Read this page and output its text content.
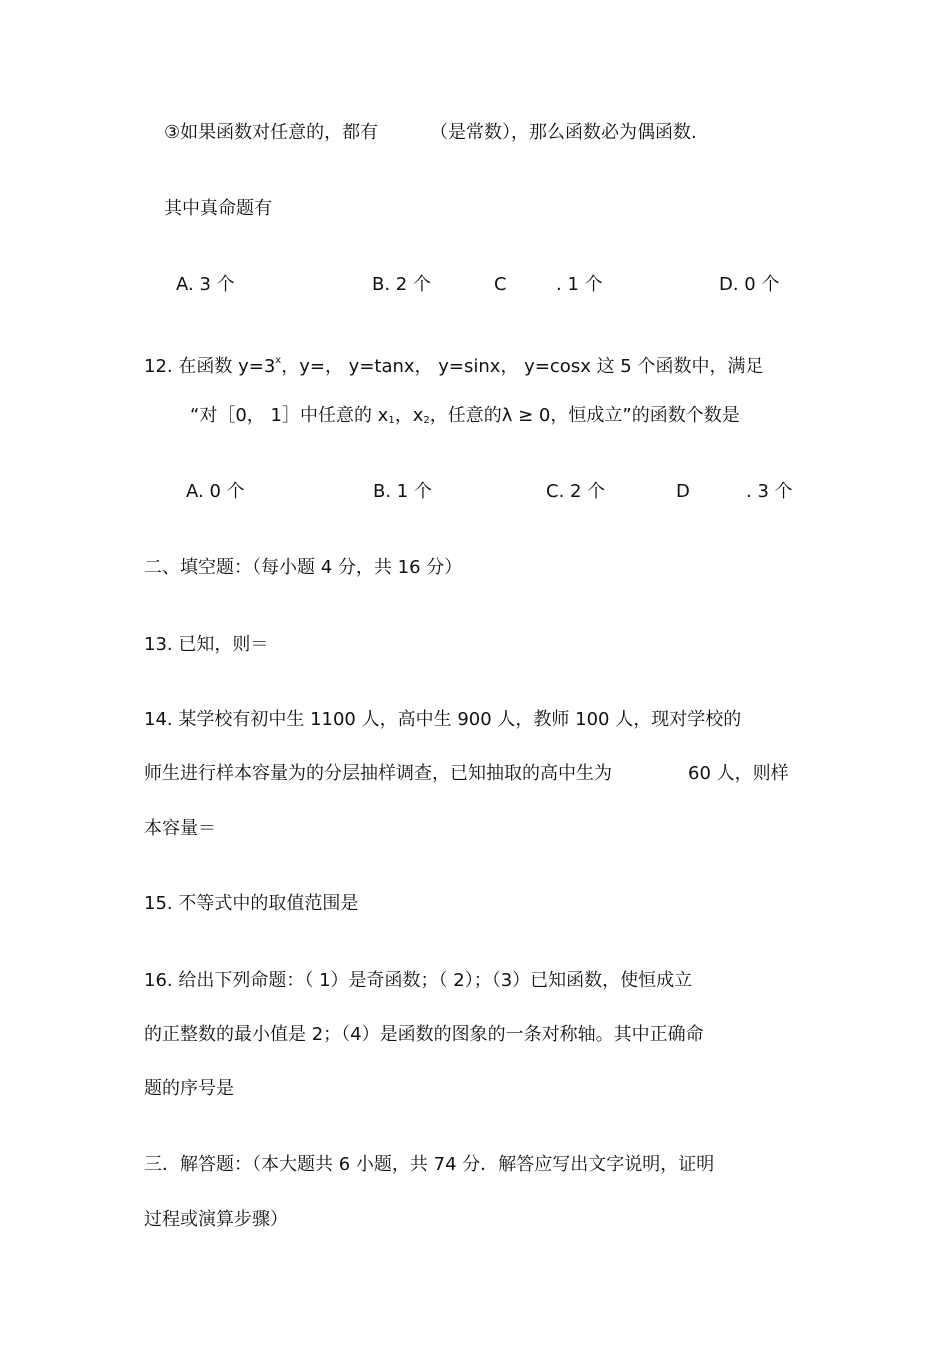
③如果函数对任意的，都有	（是常数），那么函数必为偶函数.
其中真命题有
A. 3 个	B. 2 个	C	. 1 个	D. 0 个
12. 在函数 $y=3^x$，y=， y=tanx， y=sinx， y=cosx 这 5 个函数中，满足
“对［0， 1］中任意的 $x_1$，$x_2$，任意的λ ≥ 0，恒成立”的函数个数是
A. 0 个	B. 1 个	C. 2 个	D	. 3 个
二、填空题：（每小题 4 分，共 16 分）
13. 已知，则＝
14. 某学校有初中生 1100 人，高中生 900 人，教师 100 人，现对学校的
师生进行样本容量为的分层抽样调查，已知抽取的高中生为	60 人，则样
本容量＝
15. 不等式中的取值范围是
16. 给出下列命题：（ 1）是奇函数；（ 2）；（3）已知函数，使恒成立
的正整数的最小值是 2；（4）是函数的图象的一条对称轴。其中正确命
题的序号是
三．解答题：（本大题共 6 小题，共 74 分．解答应写出文字说明，证明
过程或演算步骤）
